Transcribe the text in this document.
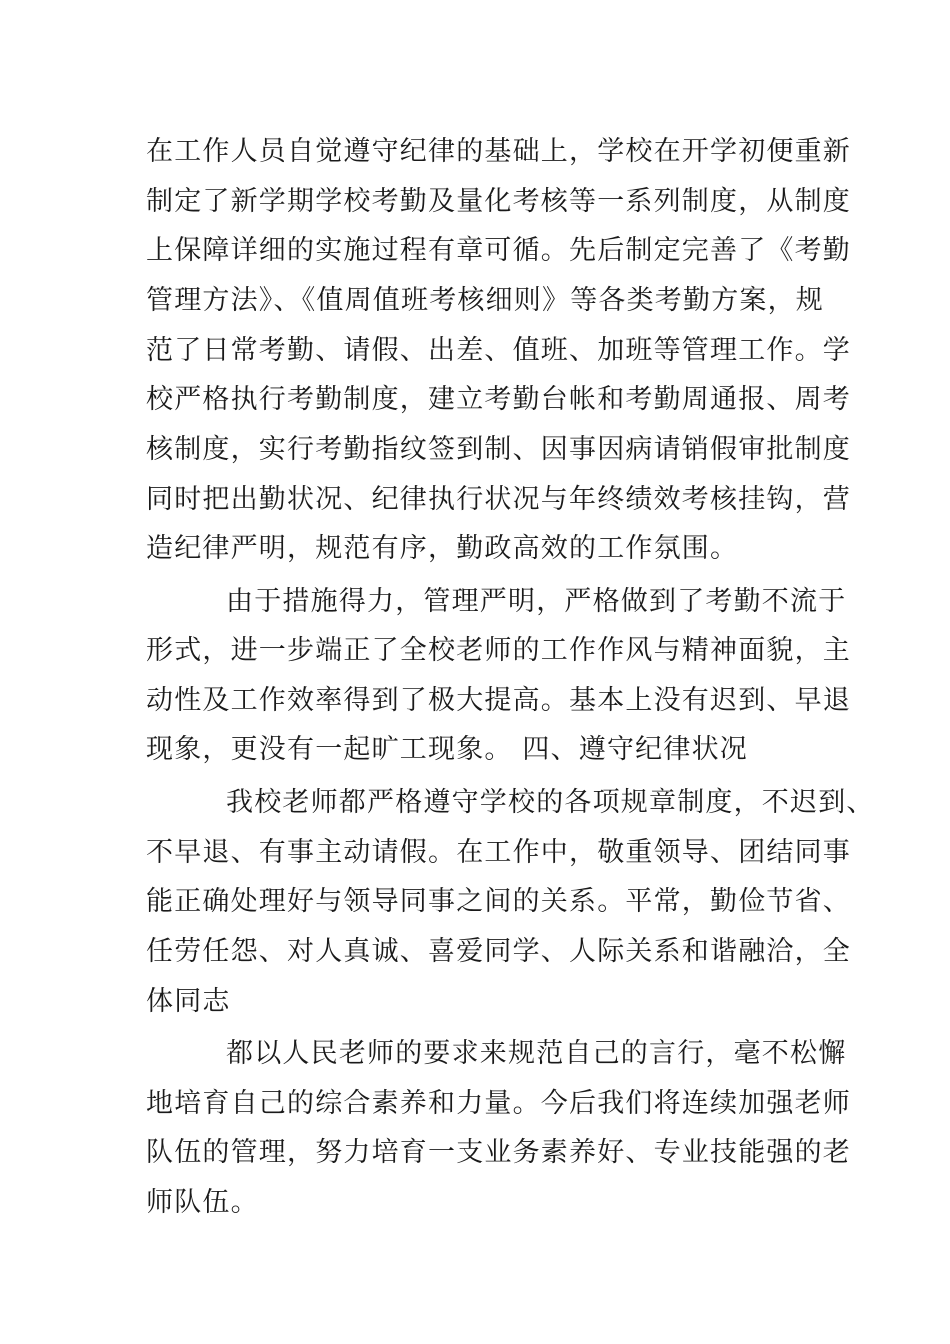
在工作人员自觉遵守纪律的基础上，学校在开学初便重新
制定了新学期学校考勤及量化考核等一系列制度，从制度
上保障详细的实施过程有章可循。先后制定完善了《考勤
管理方法》、《值周值班考核细则》等各类考勤方案，规
范了日常考勤、请假、出差、值班、加班等管理工作。学
校严格执行考勤制度，建立考勤台帐和考勤周通报、周考
核制度，实行考勤指纹签到制、因事因病请销假审批制度
同时把出勤状况、纪律执行状况与年终绩效考核挂钩，营
造纪律严明，规范有序，勤政高效的工作氛围。
由于措施得力，管理严明，严格做到了考勤不流于
形式，进一步端正了全校老师的工作作风与精神面貌，主
动性及工作效率得到了极大提高。基本上没有迟到、早退
现象，更没有一起旷工现象。 四、遵守纪律状况
我校老师都严格遵守学校的各项规章制度，不迟到、
不早退、有事主动请假。在工作中，敬重领导、团结同事
能正确处理好与领导同事之间的关系。平常，勤俭节省、
任劳任怨、对人真诚、喜爱同学、人际关系和谐融洽，全
体同志
都以人民老师的要求来规范自己的言行，毫不松懈
地培育自己的综合素养和力量。今后我们将连续加强老师
队伍的管理，努力培育一支业务素养好、专业技能强的老
师队伍。
